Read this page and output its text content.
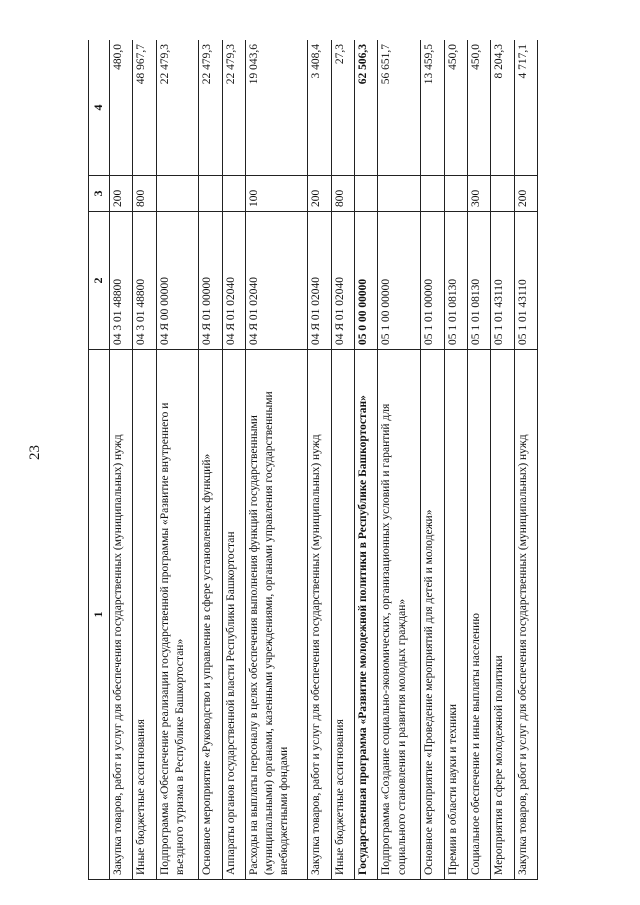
23
1	2	3	4
Закупка товаров, работ и услуг для обеспечения государственных (муниципальных) нужд	04 3 01 48800	200	480,0
Иные бюджетные ассигнования	04 3 01 48800	800	48 967,7
Подпрограмма «Обеспечение реализации государственной программы «Развитие внутреннего и въездного туризма в Республике Башкортостан»	04 Я 00 00000		22 479,3
Основное мероприятие «Руководство и управление в сфере установленных функций»	04 Я 01 00000		22 479,3
Аппараты органов государственной власти Республики Башкортостан	04 Я 01 02040		22 479,3
Расходы на выплаты персоналу в целях обеспечения выполнения функций государственными (муниципальными) органами, казенными учреждениями, органами управления государственными внебюджетными фондами	04 Я 01 02040	100	19 043,6
Закупка товаров, работ и услуг для обеспечения государственных (муниципальных) нужд	04 Я 01 02040	200	3 408,4
Иные бюджетные ассигнования	04 Я 01 02040	800	27,3
Государственная программа «Развитие молодежной политики в Республике Башкортостан»	05 0 00 00000		62 506,3
Подпрограмма «Создание социально-экономических, организационных условий и гарантий для социального становления и развития молодых граждан»	05 1 00 00000		56 651,7
Основное мероприятие «Проведение мероприятий для детей и молодежи»	05 1 01 00000		13 459,5
Премии в области науки и техники	05 1 01 08130		450,0
Социальное обеспечение и иные выплаты населению	05 1 01 08130	300	450,0
Мероприятия в сфере молодежной политики	05 1 01 43110		8 204,3
Закупка товаров, работ и услуг для обеспечения государственных (муниципальных) нужд	05 1 01 43110	200	4 717,1
